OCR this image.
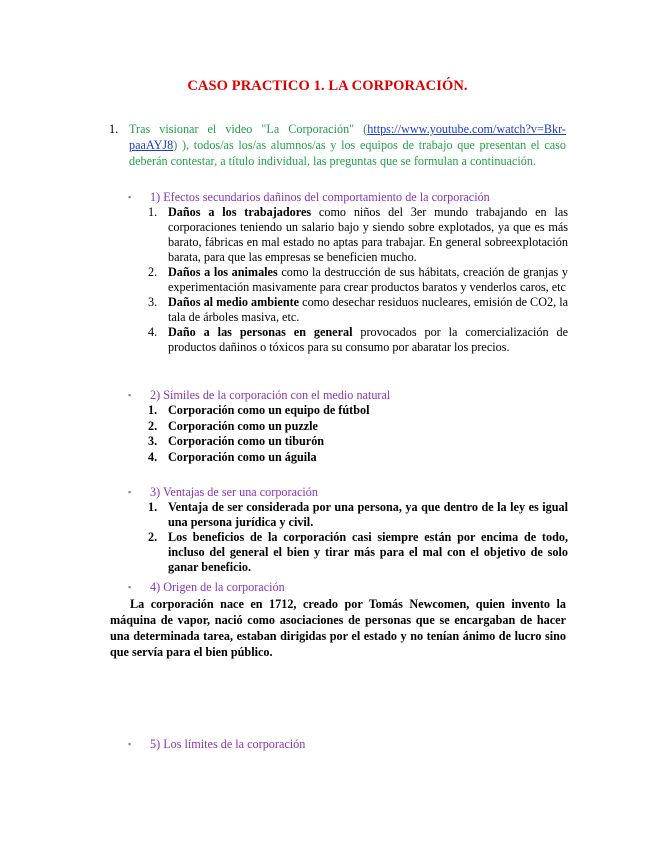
CASO PRACTICO 1. LA CORPORACIÓN.
1. Tras visionar el video "La Corporación" (https://www.youtube.com/watch?v=Bkr-paaAYJ8) ), todos/as los/as alumnos/as y los equipos de trabajo que presentan el caso deberán contestar, a título individual, las preguntas que se formulan a continuación.
▪ 1) Efectos secundarios dañinos del comportamiento de la corporación
1. Daños a los trabajadores como niños del 3er mundo trabajando en las corporaciones teniendo un salario bajo y siendo sobre explotados, ya que es más barato, fábricas en mal estado no aptas para trabajar. En general sobreexplotación barata, para que las empresas se beneficien mucho.
2. Daños a los animales como la destrucción de sus hábitats, creación de granjas y experimentación masivamente para crear productos baratos y venderlos caros, etc
3. Daños al medio ambiente como desechar residuos nucleares, emisión de CO2, la tala de árboles masiva, etc.
4. Daño a las personas en general provocados por la comercialización de productos dañinos o tóxicos para su consumo por abaratar los precios.
▪ 2) Símiles de la corporación con el medio natural
1. Corporación como un equipo de fútbol
2. Corporación como un puzzle
3. Corporación como un tiburón
4. Corporación como un águila
▪ 3) Ventajas de ser una corporación
1. Ventaja de ser considerada por una persona, ya que dentro de la ley es igual una persona jurídica y civil.
2. Los beneficios de la corporación casi siempre están por encima de todo, incluso del general el bien y tirar más para el mal con el objetivo de solo ganar beneficio.
▪ 4) Origen de la corporación
La corporación nace en 1712, creado por Tomás Newcomen, quien invento la máquina de vapor, nació como asociaciones de personas que se encargaban de hacer una determinada tarea, estaban dirigidas por el estado y no tenían ánimo de lucro sino que servía para el bien público.
▪ 5) Los límites de la corporación
